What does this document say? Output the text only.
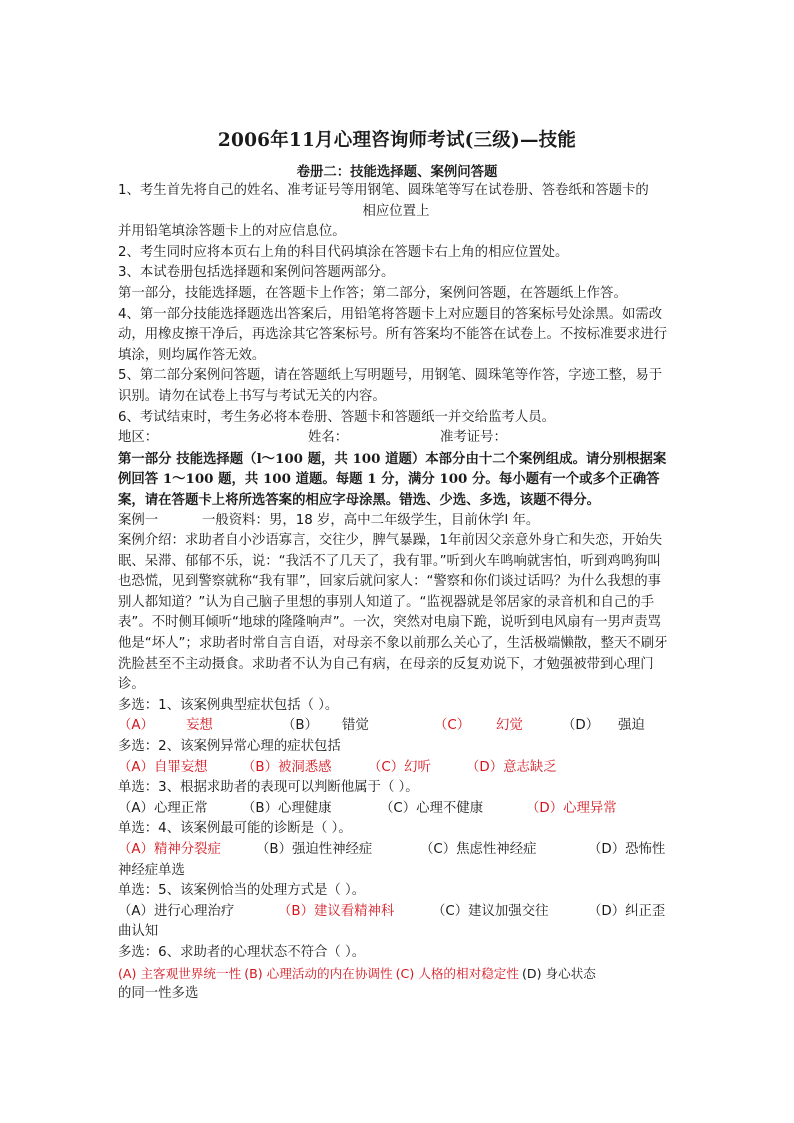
2006年11月心理咨询师考试(三级)—技能
卷册二：技能选择题、案例问答题
1、考生首先将自己的姓名、准考证号等用钢笔、圆珠笔等写在试卷册、答卷纸和答题卡的
相应位置上
并用铅笔填涂答题卡上的对应信息位。
2、考生同时应将本页右上角的科目代码填涂在答题卡右上角的相应位置处。
3、本试卷册包括选择题和案例问答题两部分。
第一部分，技能选择题，在答题卡上作答；第二部分，案例问答题，在答题纸上作答。
4、第一部分技能选择题选出答案后，用铅笔将答题卡上对应题目的答案标号处涂黑。如需改动，用橡皮擦干净后，再选涂其它答案标号。所有答案均不能答在试卷上。不按标准要求进行填涂，则均属作答无效。
5、第二部分案例问答题，请在答题纸上写明题号，用钢笔、圆珠笔等作答，字迹工整，易于识别。请勿在试卷上书写与考试无关的内容。
6、考试结束时，考生务必将本卷册、答题卡和答题纸一并交给监考人员。
地区：	姓名：	准考证号：
第一部分 技能选择题（l～100 题，共 100 道题）本部分由十二个案例组成。请分别根据案例回答 1～100 题，共 100 道题。每题 1 分，满分 100 分。每小题有一个或多个正确答案，请在答题卡上将所选答案的相应字母涂黑。错选、少选、多选，该题不得分。
案例一	一般资料：男，18 岁，高中二年级学生，目前休学l 年。
案例介绍：求助者自小沙语寡言，交往少，脾气暴躁，1年前因父亲意外身亡和失恋，开始失眠、呆滞、郁郁不乐，说：“我活不了几天了，我有罪。”听到火车鸣响就害怕，听到鸡鸣狗叫也恐慌，见到警察就称“我有罪”，回家后就问家人：“警察和你们谈过话吗？为什么我想的事别人都知道？”认为自己脑子里想的事别人知道了。“监视器就是邻居家的录音机和自己的手表”。不时侧耳倾听“地球的隆隆响声”。一次，突然对电扇下跪，说听到电风扇有一男声责骂他是“坏人”；求助者时常自言自语，对母亲不象以前那么关心了，生活极端懒散，整天不刷牙洗脸甚至不主动摄食。求助者不认为自己有病，在母亲的反复劝说下，才勉强被带到心理门诊。
多选：1、该案例典型症状包括（ ）。
（A）	妄想	（B）	错觉	（C）	幻觉	（D）	强迫
多选：2、该案例异常心理的症状包括
（A）自罪妄想	（B）被洞悉感	（C）幻听	（D）意志缺乏
单选：3、根据求助者的表现可以判断他属于（ ）。
（A）心理正常	（B）心理健康	（C）心理不健康	（D）心理异常
单选：4、该案例最可能的诊断是（ ）。
（A）精神分裂症	（B）强迫性神经症	（C）焦虑性神经症	（D）恐怖性
神经症单选
单选：5、该案例恰当的处理方式是（ ）。
（A）进行心理治疗	（B）建议看精神科	（C）建议加强交往	（D）纠正歪
曲认知
多选：6、求助者的心理状态不符合（ ）。
(A) 主客观世界统一性 (B) 心理活动的内在协调性 (C) 人格的相对稳定性 (D) 身心状态
的同一性多选
